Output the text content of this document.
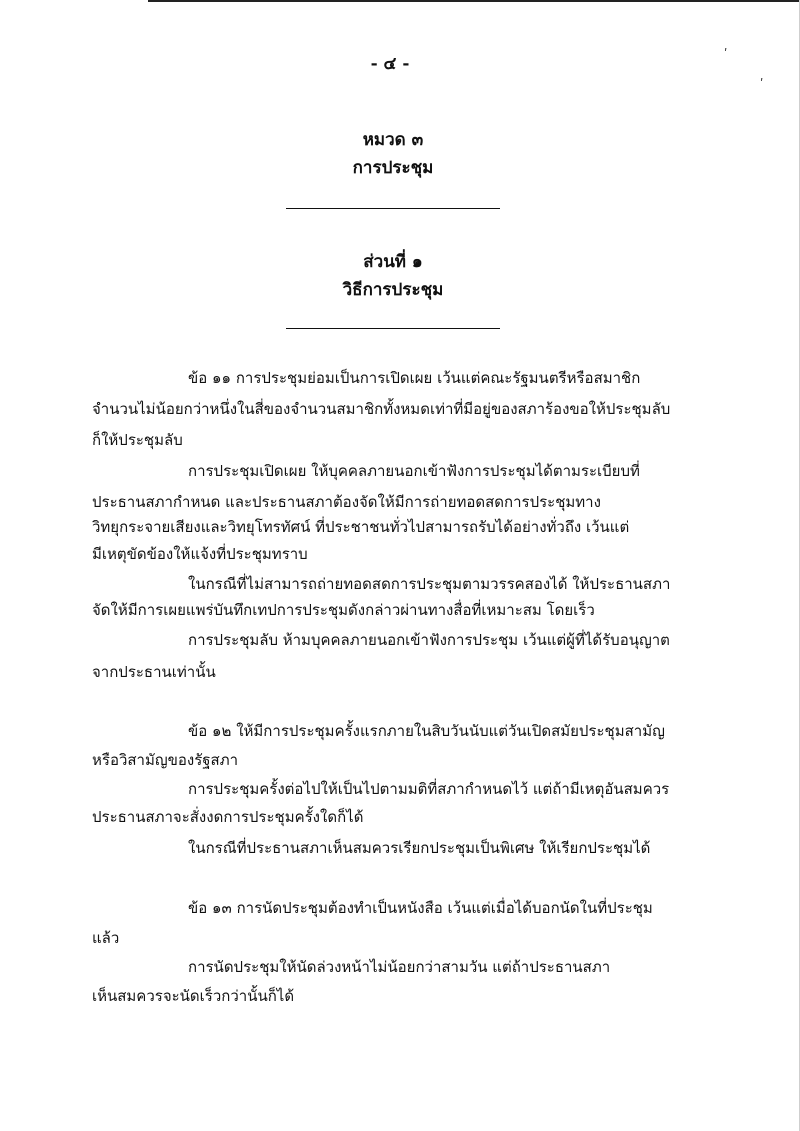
ʹ
ʹ
- ๔ -
หมวด ๓
การประชุม
ส่วนที่ ๑
วิธีการประชุม
ข้อ ๑๑ การประชุมย่อมเป็นการเปิดเผย เว้นแต่คณะรัฐมนตรีหรือสมาชิก
จำนวนไม่น้อยกว่าหนึ่งในสี่ของจำนวนสมาชิกทั้งหมดเท่าที่มีอยู่ของสภาร้องขอให้ประชุมลับ
ก็ให้ประชุมลับ
การประชุมเปิดเผย ให้บุคคลภายนอกเข้าฟังการประชุมได้ตามระเบียบที่
ประธานสภากำหนด และประธานสภาต้องจัดให้มีการถ่ายทอดสดการประชุมทาง
วิทยุกระจายเสียงและวิทยุโทรทัศน์ ที่ประชาชนทั่วไปสามารถรับได้อย่างทั่วถึง เว้นแต่
มีเหตุขัดข้องให้แจ้งที่ประชุมทราบ
ในกรณีที่ไม่สามารถถ่ายทอดสดการประชุมตามวรรคสองได้ ให้ประธานสภา
จัดให้มีการเผยแพร่บันทึกเทปการประชุมดังกล่าวผ่านทางสื่อที่เหมาะสม โดยเร็ว
การประชุมลับ ห้ามบุคคลภายนอกเข้าฟังการประชุม เว้นแต่ผู้ที่ได้รับอนุญาต
จากประธานเท่านั้น
ข้อ ๑๒ ให้มีการประชุมครั้งแรกภายในสิบวันนับแต่วันเปิดสมัยประชุมสามัญ
หรือวิสามัญของรัฐสภา
การประชุมครั้งต่อไปให้เป็นไปตามมติที่สภากำหนดไว้ แต่ถ้ามีเหตุอันสมควร
ประธานสภาจะสั่งงดการประชุมครั้งใดก็ได้
ในกรณีที่ประธานสภาเห็นสมควรเรียกประชุมเป็นพิเศษ ให้เรียกประชุมได้
ข้อ ๑๓ การนัดประชุมต้องทำเป็นหนังสือ เว้นแต่เมื่อได้บอกนัดในที่ประชุม
แล้ว
การนัดประชุมให้นัดล่วงหน้าไม่น้อยกว่าสามวัน แต่ถ้าประธานสภา
เห็นสมควรจะนัดเร็วกว่านั้นก็ได้
